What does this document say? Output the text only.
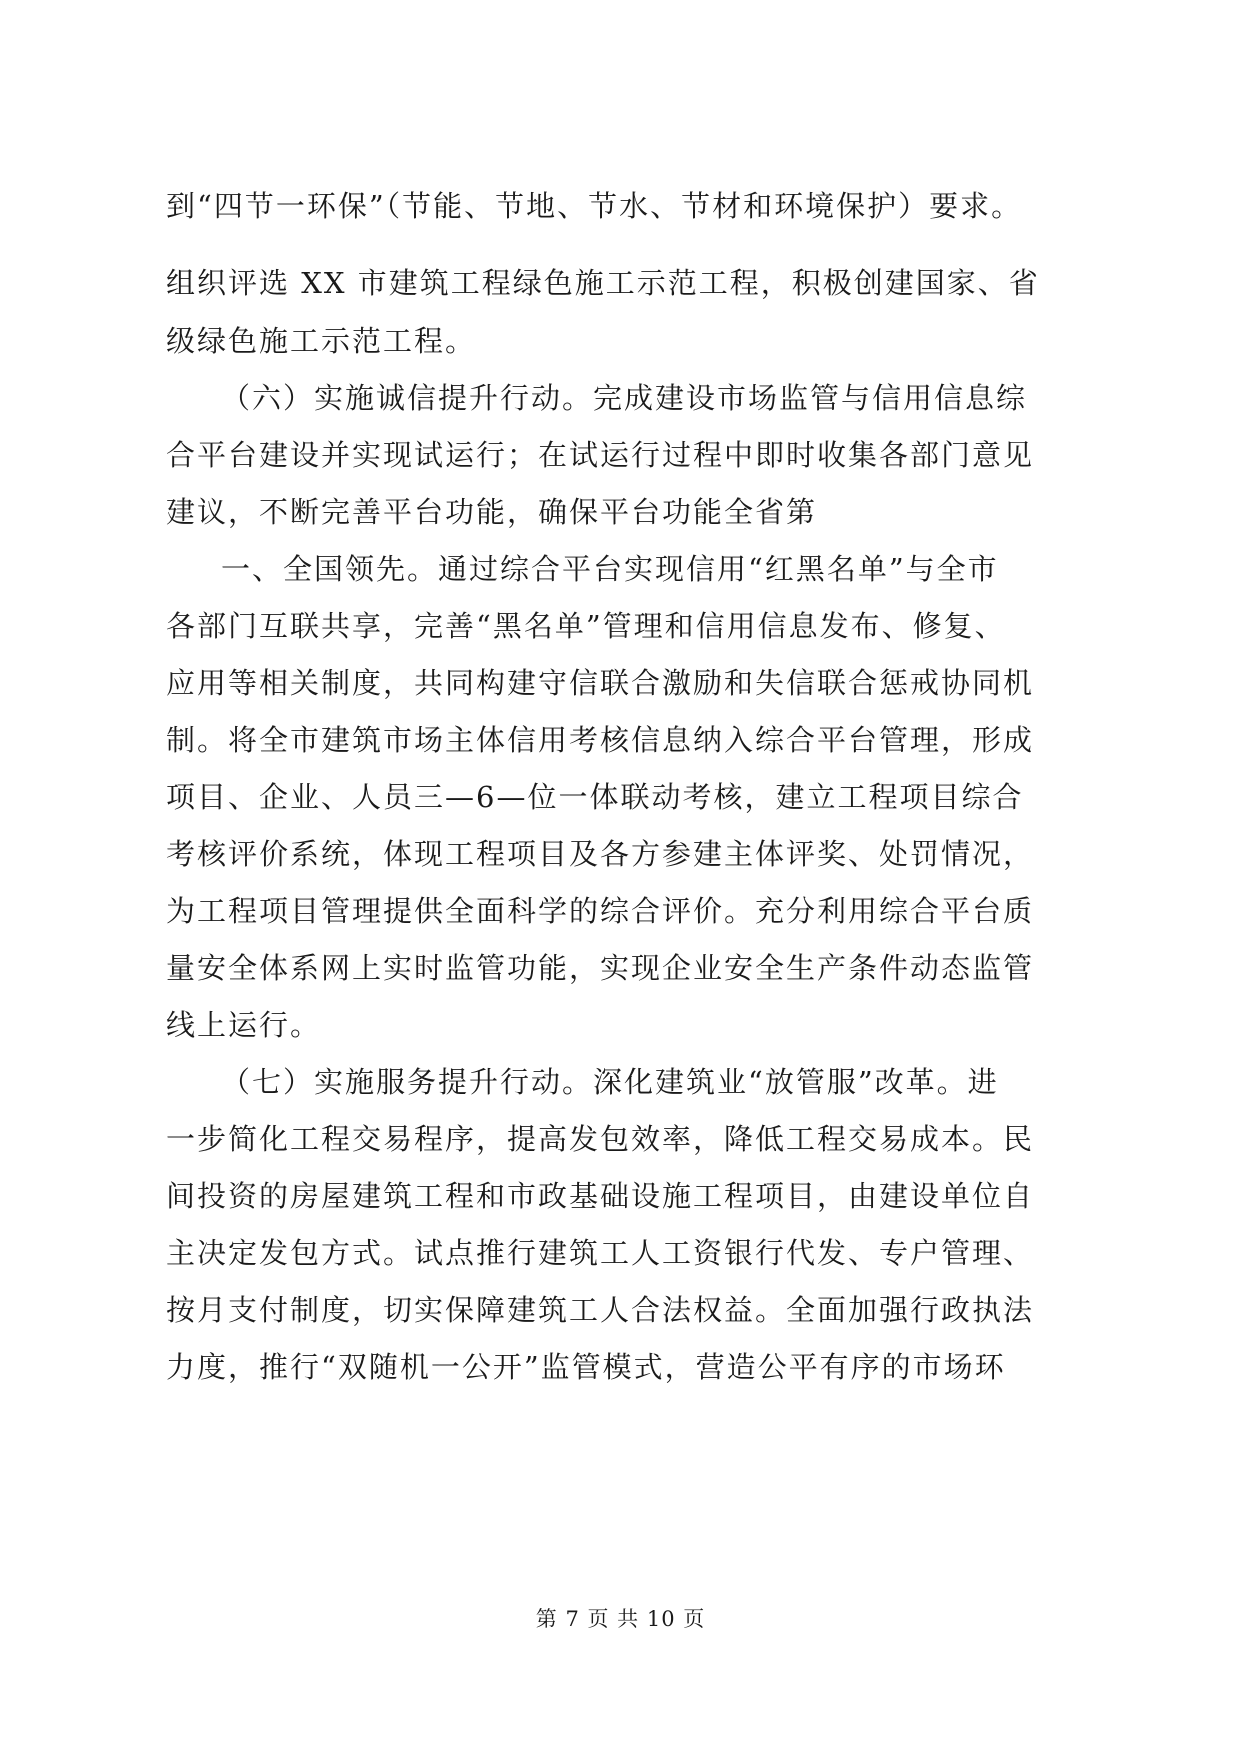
到“四节一环保”（节能、节地、节水、节材和环境保护）要求。
组织评选 XX 市建筑工程绿色施工示范工程，积极创建国家、省
级绿色施工示范工程。
（六）实施诚信提升行动。完成建设市场监管与信用信息综
合平台建设并实现试运行；在试运行过程中即时收集各部门意见
建议，不断完善平台功能，确保平台功能全省第
一、全国领先。通过综合平台实现信用“红黑名单”与全市
各部门互联共享，完善“黑名单”管理和信用信息发布、修复、
应用等相关制度，共同构建守信联合激励和失信联合惩戒协同机
制。将全市建筑市场主体信用考核信息纳入综合平台管理，形成
项目、企业、人员三—6—位一体联动考核，建立工程项目综合
考核评价系统，体现工程项目及各方参建主体评奖、处罚情况，
为工程项目管理提供全面科学的综合评价。充分利用综合平台质
量安全体系网上实时监管功能，实现企业安全生产条件动态监管
线上运行。
（七）实施服务提升行动。深化建筑业“放管服”改革。进
一步简化工程交易程序，提高发包效率，降低工程交易成本。民
间投资的房屋建筑工程和市政基础设施工程项目，由建设单位自
主决定发包方式。试点推行建筑工人工资银行代发、专户管理、
按月支付制度，切实保障建筑工人合法权益。全面加强行政执法
力度，推行“双随机一公开”监管模式，营造公平有序的市场环
第 7 页 共 10 页
